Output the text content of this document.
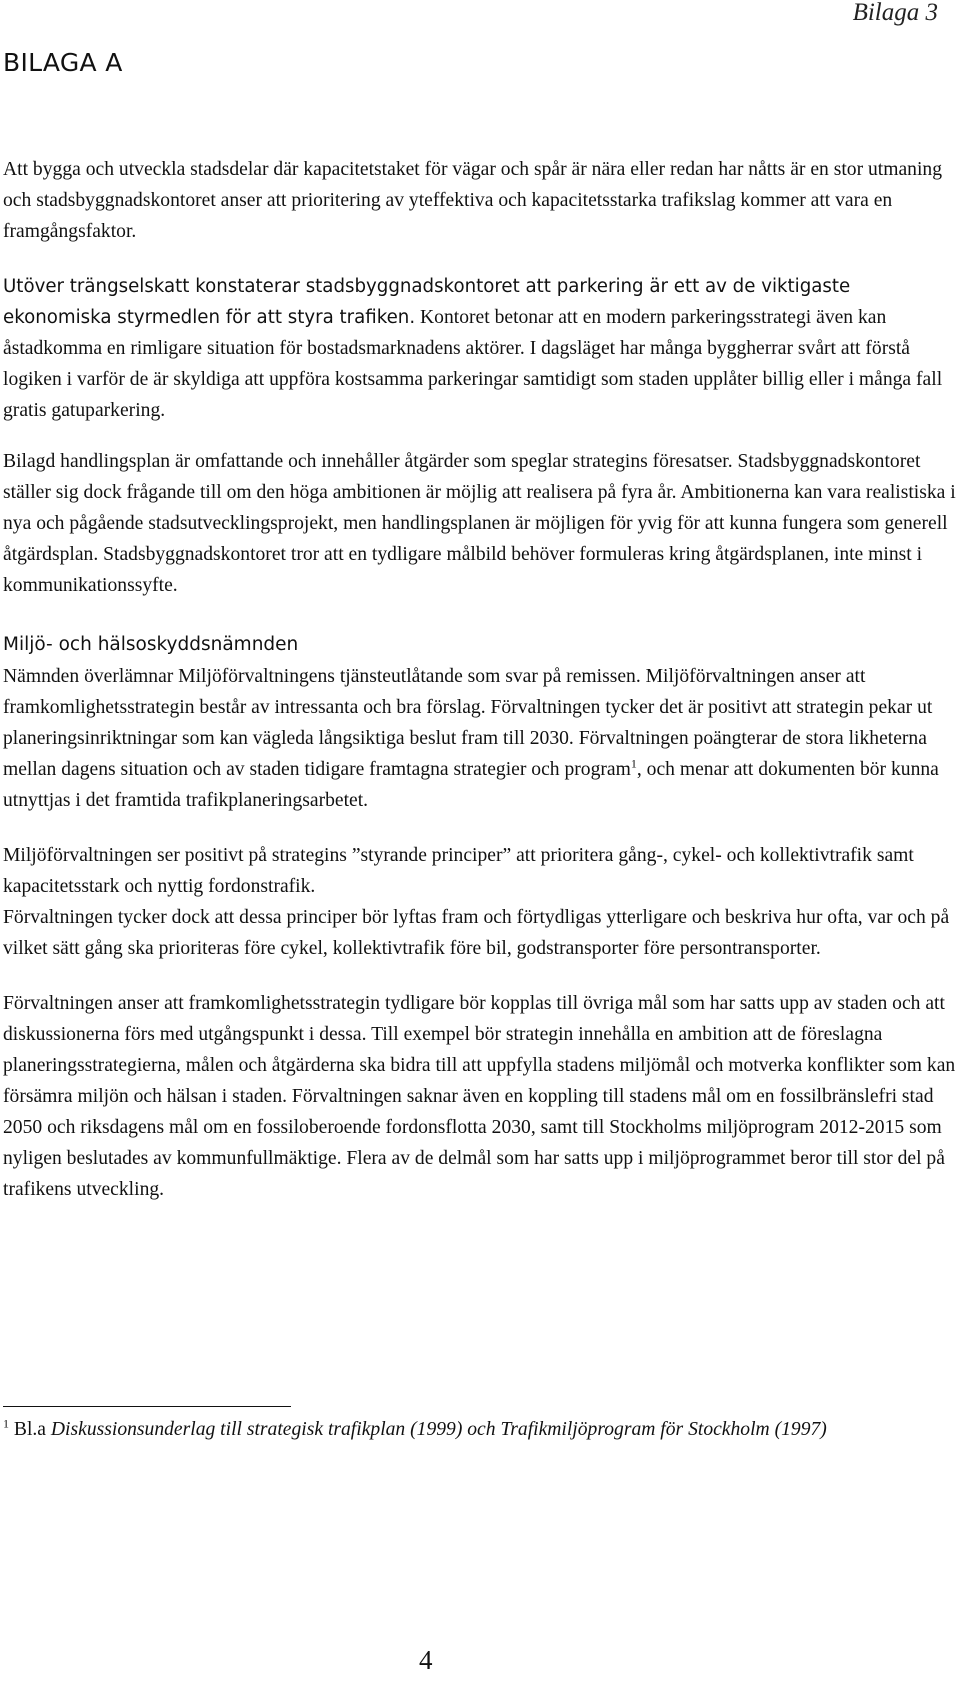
Bilaga 3
BILAGA A

Att bygga och utveckla stadsdelar där kapacitetstaket för vägar och spår är nära eller redan har nåtts är en stor utmaning och stadsbyggnadskontoret anser att prioritering av yteffektiva och kapacitetsstarka trafikslag kommer att vara en framgångsfaktor.

Utöver trängselskatt konstaterar stadsbyggnadskontoret att parkering är ett av de viktigaste ekonomiska styrmedlen för att styra trafiken. Kontoret betonar att en modern parkeringsstrategi även kan åstadkomma en rimligare situation för bostadsmarknadens aktörer. I dagsläget har många byggherrar svårt att förstå logiken i varför de är skyldiga att uppföra kostsamma parkeringar samtidigt som staden upplåter billig eller i många fall gratis gatuparkering.

Bilagd handlingsplan är omfattande och innehåller åtgärder som speglar strategins föresatser. Stadsbyggnadskontoret ställer sig dock frågande till om den höga ambitionen är möjlig att realisera på fyra år. Ambitionerna kan vara realistiska i nya och pågående stadsutvecklingsprojekt, men handlingsplanen är möjligen för yvig för att kunna fungera som generell åtgärdsplan. Stadsbyggnadskontoret tror att en tydligare målbild behöver formuleras kring åtgärdsplanen, inte minst i kommunikationssyfte.

Miljö- och hälsoskyddsnämnden

Nämnden överlämnar Miljöförvaltningens tjänsteutlåtande som svar på remissen. Miljöförvaltningen anser att framkomlighetsstrategin består av intressanta och bra förslag. Förvaltningen tycker det är positivt att strategin pekar ut planeringsinriktningar som kan vägleda långsiktiga beslut fram till 2030. Förvaltningen poängterar de stora likheterna mellan dagens situation och av staden tidigare framtagna strategier och program$^1$, och menar att dokumenten bör kunna utnyttjas i det framtida trafikplaneringsarbetet.

Miljöförvaltningen ser positivt på strategins ”styrande principer” att prioritera gång-, cykel- och kollektivtrafik samt kapacitetsstark och nyttig fordonstrafik.

Förvaltningen tycker dock att dessa principer bör lyftas fram och förtydligas ytterligare och beskriva hur ofta, var och på vilket sätt gång ska prioriteras före cykel, kollektivtrafik före bil, godstransporter före persontransporter.

Förvaltningen anser att framkomlighetsstrategin tydligare bör kopplas till övriga mål som har satts upp av staden och att diskussionerna förs med utgångspunkt i dessa. Till exempel bör strategin innehålla en ambition att de föreslagna planeringsstrategierna, målen och åtgärderna ska bidra till att uppfylla stadens miljömål och motverka konflikter som kan försämra miljön och hälsan i staden. Förvaltningen saknar även en koppling till stadens mål om en fossilbränslefri stad 2050 och riksdagens mål om en fossiloberoende fordonsflotta 2030, samt till Stockholms miljöprogram 2012-2015 som nyligen beslutades av kommunfullmäktige. Flera av de delmål som har satts upp i miljöprogrammet beror till stor del på trafikens utveckling.

$^1$ Bl.a Diskussionsunderlag till strategisk trafikplan (1999) och Trafikmiljöprogram för Stockholm (1997)
4
